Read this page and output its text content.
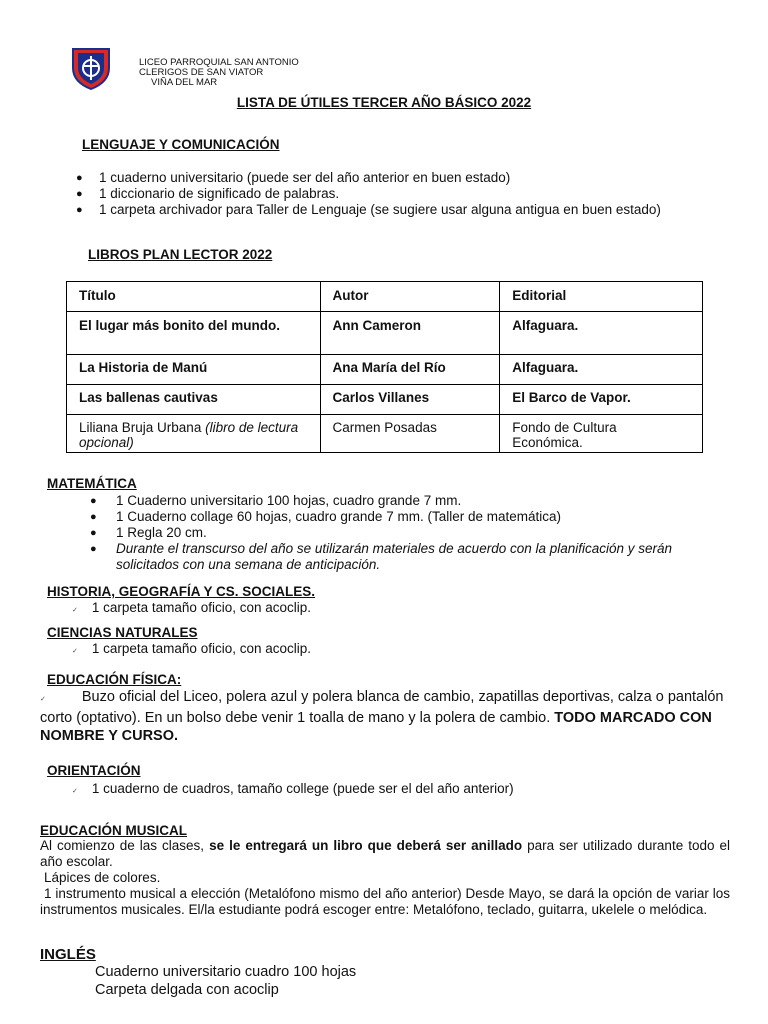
LICEO PARROQUIAL SAN ANTONIO
CLERIGOS DE SAN VIATOR
VIÑA DEL MAR
LISTA DE ÚTILES TERCER AÑO BÁSICO 2022
LENGUAJE Y COMUNICACIÓN
● 1 cuaderno universitario (puede ser del año anterior en buen estado)
● 1 diccionario de significado de palabras.
● 1 carpeta archivador para Taller de Lenguaje (se sugiere usar alguna antigua en buen estado)
LIBROS PLAN LECTOR 2022
Título	Autor	Editorial
El lugar más bonito del mundo.	Ann Cameron	Alfaguara.
La Historia de Manú	Ana María del Río	Alfaguara.
Las ballenas cautivas	Carlos Villanes	El Barco de Vapor.
Liliana Bruja Urbana (libro de lectura opcional)	Carmen Posadas	Fondo de Cultura Económica.
MATEMÁTICA
● 1 Cuaderno universitario 100 hojas, cuadro grande 7 mm.
● 1 Cuaderno collage 60 hojas, cuadro grande 7 mm. (Taller de matemática)
● 1 Regla 20 cm.
●	Durante el transcurso del año se utilizarán materiales de acuerdo con la planificación y serán solicitados con una semana de anticipación.
HISTORIA, GEOGRAFÍA Y CS. SOCIALES.
✓ 1 carpeta tamaño oficio, con acoclip.
CIENCIAS NATURALES
✓ 1 carpeta tamaño oficio, con acoclip.
EDUCACIÓN FÍSICA:
✓ Buzo oficial del Liceo, polera azul y polera blanca de cambio, zapatillas deportivas, calza o pantalón corto (optativo). En un bolso debe venir 1 toalla de mano y la polera de cambio. TODO MARCADO CON NOMBRE Y CURSO.
ORIENTACIÓN
✓ 1 cuaderno de cuadros, tamaño college (puede ser el del año anterior)
EDUCACIÓN MUSICAL
Al comienzo de las clases, se le entregará un libro que deberá ser anillado para ser utilizado durante todo el año escolar.
Lápices de colores.
1 instrumento musical a elección (Metalófono mismo del año anterior) Desde Mayo, se dará la opción de variar los instrumentos musicales. El/la estudiante podrá escoger entre: Metalófono, teclado, guitarra, ukelele o melódica.
INGLÉS
Cuaderno universitario cuadro 100 hojas
Carpeta delgada con acoclip
